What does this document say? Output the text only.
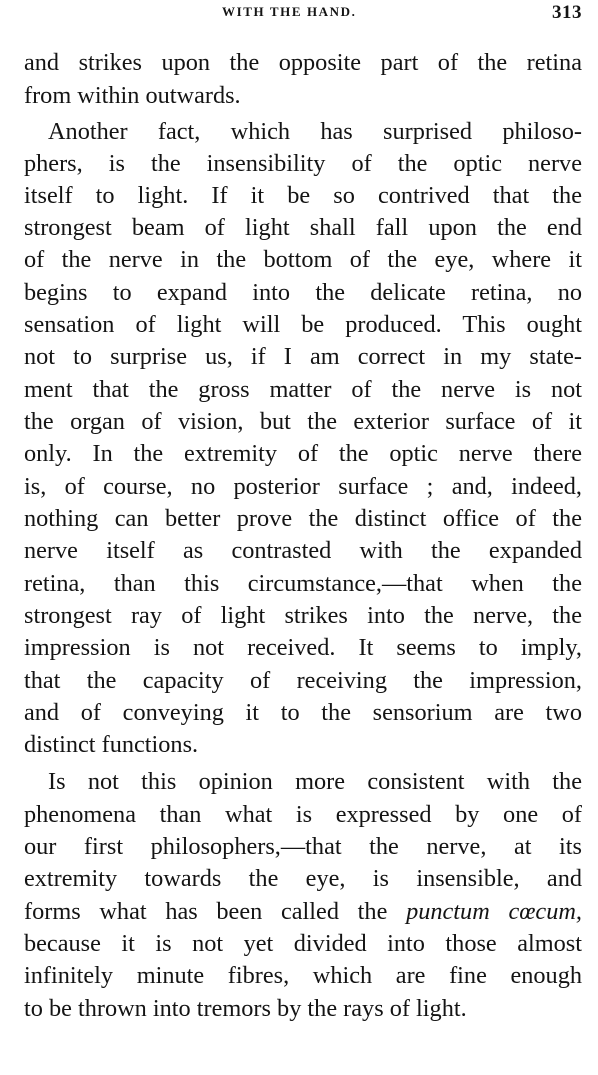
WITH THE HAND.	313
and strikes upon the opposite part of the retina
from within outwards.
Another fact, which has surprised philoso-
phers, is the insensibility of the optic nerve
itself to light. If it be so contrived that the
strongest beam of light shall fall upon the end
of the nerve in the bottom of the eye, where it
begins to expand into the delicate retina, no
sensation of light will be produced. This ought
not to surprise us, if I am correct in my state-
ment that the gross matter of the nerve is not
the organ of vision, but the exterior surface of it
only. In the extremity of the optic nerve there
is, of course, no posterior surface ; and, indeed,
nothing can better prove the distinct office of the
nerve itself as contrasted with the expanded
retina, than this circumstance,—that when the
strongest ray of light strikes into the nerve, the
impression is not received. It seems to imply,
that the capacity of receiving the impression,
and of conveying it to the sensorium are two
distinct functions.
Is not this opinion more consistent with the
phenomena than what is expressed by one of
our first philosophers,—that the nerve, at its
extremity towards the eye, is insensible, and
forms what has been called the punctum cœcum,
because it is not yet divided into those almost
infinitely minute fibres, which are fine enough
to be thrown into tremors by the rays of light.
